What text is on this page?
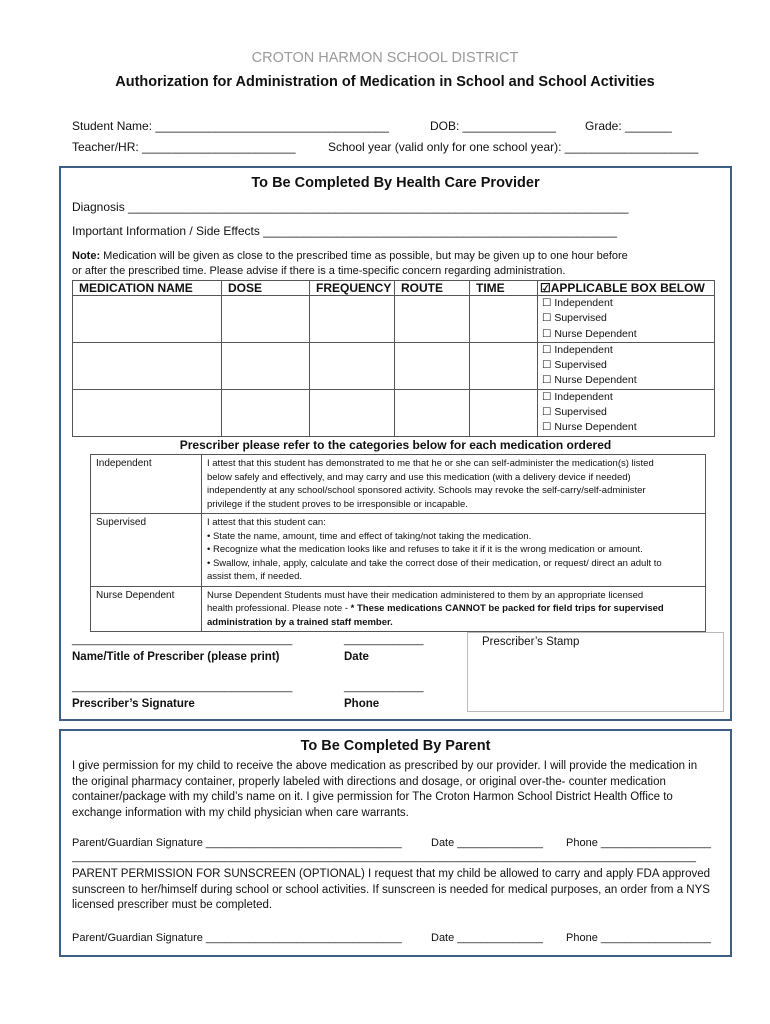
CROTON HARMON SCHOOL DISTRICT
Authorization for Administration of Medication in School and School Activities
Student Name: ___________________________________	DOB: ______________ Grade: _______
Teacher/HR: _______________________	School year (valid only for one school year): ____________________
To Be Completed By Health Care Provider
Diagnosis ___________________________________________________________________________
Important Information / Side Effects _____________________________________________________
Note: Medication will be given as close to the prescribed time as possible, but may be given up to one hour before
or after the prescribed time. Please advise if there is a time-specific concern regarding administration.
MEDICATION NAME	DOSE	FREQUENCY	ROUTE	TIME	☑APPLICABLE BOX BELOW

					☐ Independent
☐ Supervised
☐ Nurse Dependent

					☐ Independent
☐ Supervised
☐ Nurse Dependent

					☐ Independent
☐ Supervised
☐ Nurse Dependent
Prescriber please refer to the categories below for each medication ordered
Independent	I attest that this student has demonstrated to me that he or she can self-administer the medication(s) listed
below safely and effectively, and may carry and use this medication (with a delivery device if needed)
independently at any school/school sponsored activity. Schools may revoke the self-carry/self-administer
privilege if the student proves to be irresponsible or incapable.

Supervised	I attest that this student can:
• State the name, amount, time and effect of taking/not taking the medication.
• Recognize what the medication looks like and refuses to take it if it is the wrong medication or amount.
• Swallow, inhale, apply, calculate and take the correct dose of their medication, or request/ direct an adult to
assist them, if needed.

Nurse Dependent	Nurse Dependent Students must have their medication administered to them by an appropriate licensed
health professional. Please note - * These medications CANNOT be packed for field trips for supervised
administration by a trained staff member.
____________________________________	_____________
Name/Title of Prescriber (please print)	Date
____________________________________	_____________
Prescriber’s Signature	Phone
Prescriber’s Stamp
To Be Completed By Parent
I give permission for my child to receive the above medication as prescribed by our provider. I will provide the medication in
the original pharmacy container, properly labeled with directions and dosage, or original over-the- counter medication
container/package with my child’s name on it. I give permission for The Croton Harmon School District Health Office to
exchange information with my child physician when care warrants.
Parent/Guardian Signature ________________________________	Date ______________ Phone __________________
______________________________________________________________________________________________________
PARENT PERMISSION FOR SUNSCREEN (OPTIONAL) I request that my child be allowed to carry and apply FDA approved
sunscreen to her/himself during school or school activities. If sunscreen is needed for medical purposes, an order from a NYS
licensed prescriber must be completed.
Parent/Guardian Signature ________________________________	Date ______________ Phone __________________
